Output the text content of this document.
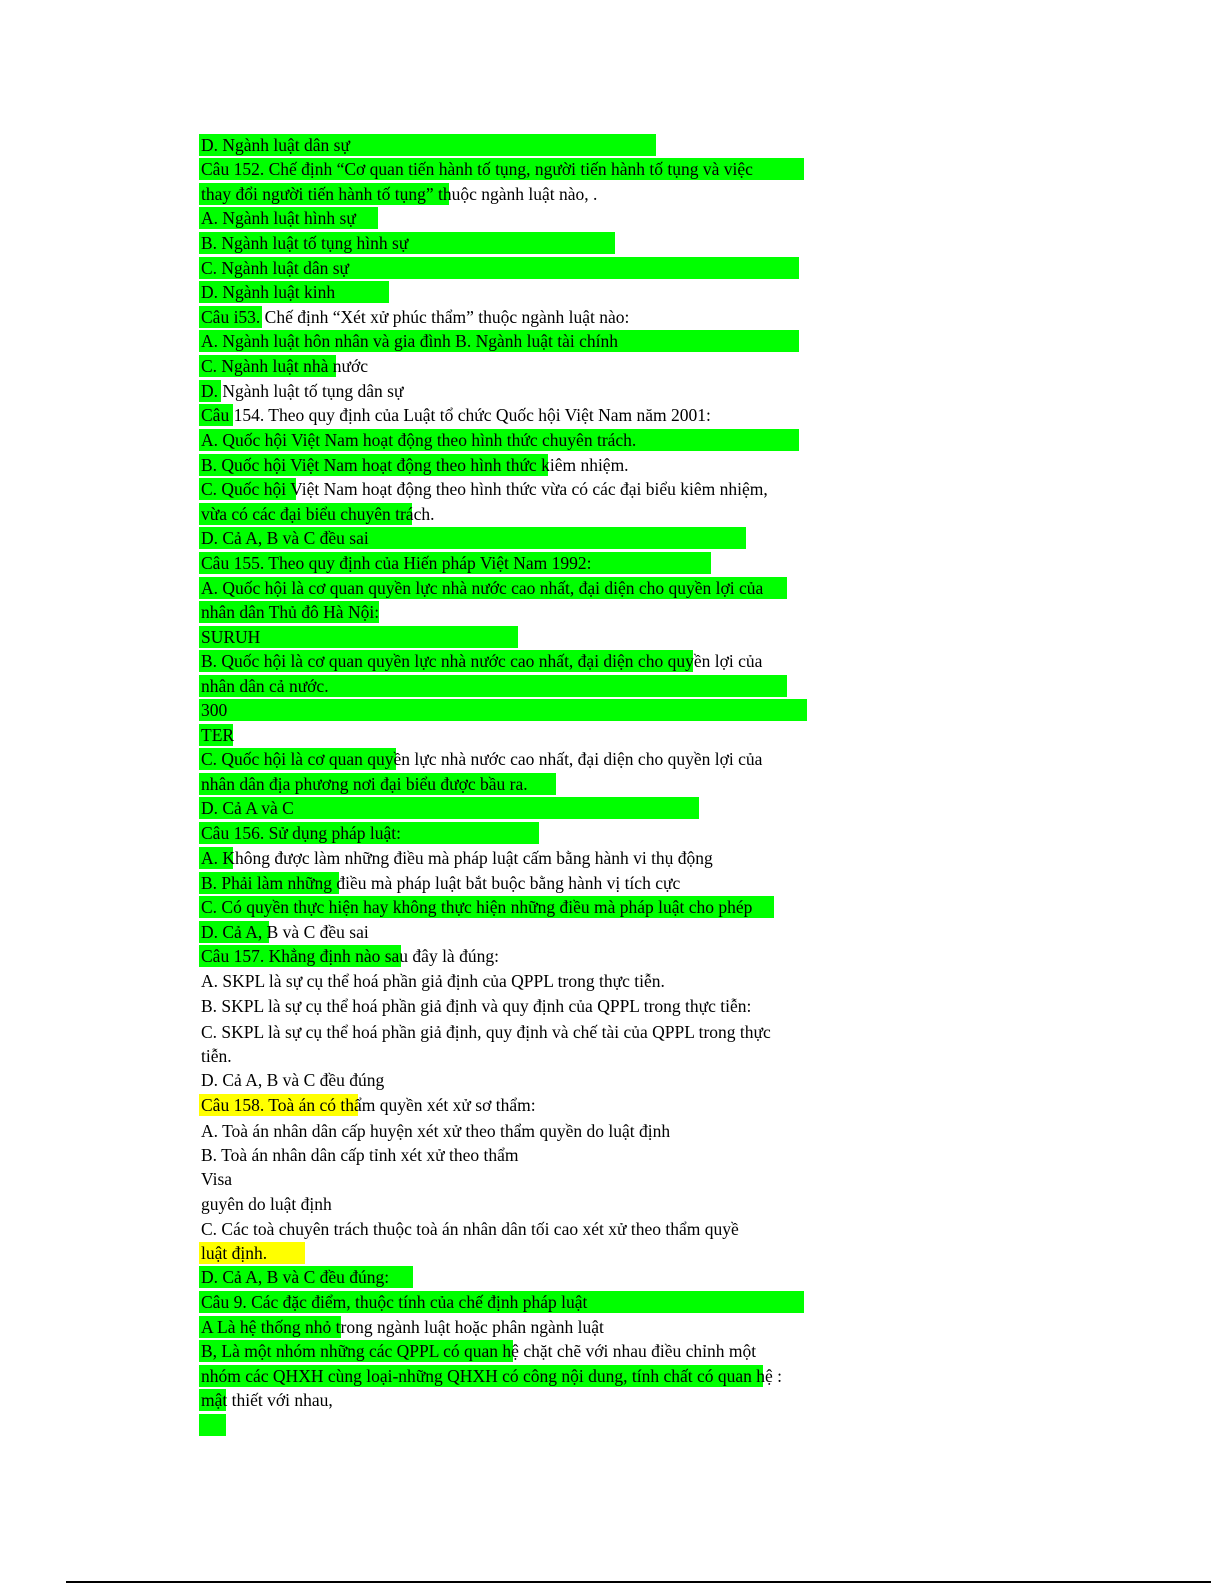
D. Ngành luật dân sự
Câu 152. Chế định “Cơ quan tiến hành tố tụng, người tiến hành tố tụng và việc
thay đổi người tiến hành tố tụng” thuộc ngành luật nào, .
A. Ngành luật hình sự
B. Ngành luật tố tụng hình sự
C. Ngành luật dân sự
D. Ngành luật kinh
Câu i53. Chế định “Xét xử phúc thẩm” thuộc ngành luật nào:
A. Ngành luật hôn nhân và gia đình B. Ngành luật tài chính
C. Ngành luật nhà nước
D. Ngành luật tố tụng dân sự
Câu 154. Theo quy định của Luật tổ chức Quốc hội Việt Nam năm 2001:
A. Quốc hội Việt Nam hoạt động theo hình thức chuyên trách.
B. Quốc hội Việt Nam hoạt động theo hình thức kiêm nhiệm.
C. Quốc hội Việt Nam hoạt động theo hình thức vừa có các đại biểu kiêm nhiệm,
vừa có các đại biểu chuyên trách.
D. Cả A, B và C đều sai
Câu 155. Theo quy định của Hiến pháp Việt Nam 1992:
A. Quốc hội là cơ quan quyền lực nhà nước cao nhất, đại diện cho quyền lợi của
nhân dân Thủ đô Hà Nội:
SURUH
B. Quốc hội là cơ quan quyền lực nhà nước cao nhất, đại diện cho quyền lợi của
nhân dân cả nước.
300
TER
C. Quốc hội là cơ quan quyền lực nhà nước cao nhất, đại diện cho quyền lợi của
nhân dân địa phương nơi đại biểu được bầu ra.
D. Cả A và C
Câu 156. Sử dụng pháp luật:
A. Không được làm những điều mà pháp luật cấm bằng hành vi thụ động
B. Phải làm những điều mà pháp luật bắt buộc bằng hành vị tích cực
C. Có quyền thực hiện hay không thực hiện những điều mà pháp luật cho phép
D. Cả A, B và C đều sai
Câu 157. Khẳng định nào sau đây là đúng:
A. SKPL là sự cụ thể hoá phần giả định của QPPL trong thực tiễn.
B. SKPL là sự cụ thể hoá phần giả định và quy định của QPPL trong thực tiễn:
C. SKPL là sự cụ thể hoá phần giả định, quy định và chế tài của QPPL trong thực
tiễn.
D. Cả A, B và C đều đúng
Câu 158. Toà án có thẩm quyền xét xử sơ thẩm:
A. Toà án nhân dân cấp huyện xét xử theo thẩm quyền do luật định
B. Toà án nhân dân cấp tỉnh xét xử theo thẩm
Visa
guyên do luật định
C. Các toà chuyên trách thuộc toà án nhân dân tối cao xét xử theo thẩm quyề
luật định.
D. Cả A, B và C đều đúng:
Câu 9. Các đặc điểm, thuộc tính của chế định pháp luật
A Là hệ thống nhỏ trong ngành luật hoặc phân ngành luật
B, Là một nhóm những các QPPL có quan hệ chặt chẽ với nhau điều chỉnh một
nhóm các QHXH cùng loại-những QHXH có công nội dung, tính chất có quan hệ :
mật thiết với nhau,
